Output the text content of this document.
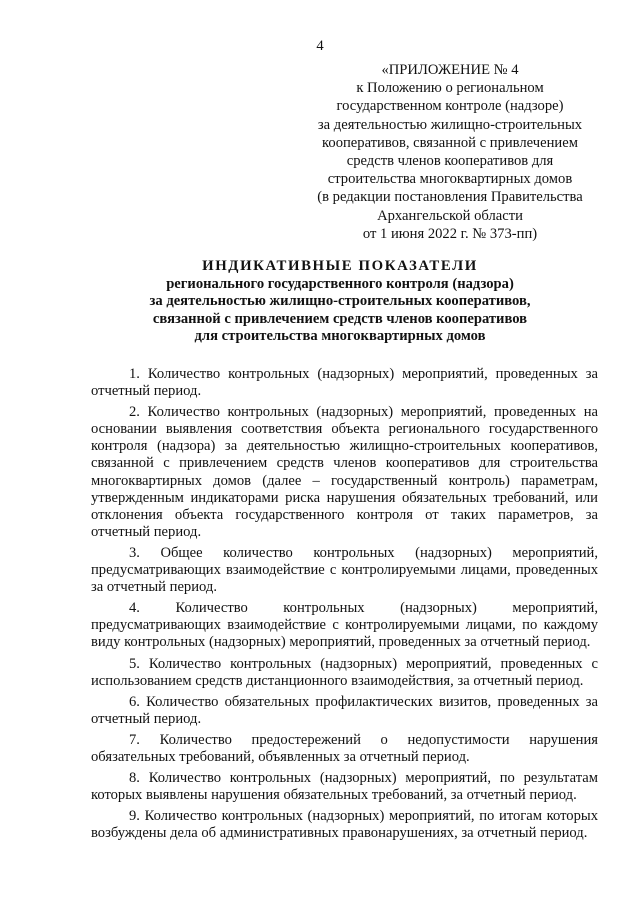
4
«ПРИЛОЖЕНИЕ № 4
к Положению о региональном
государственном контроле (надзоре)
за деятельностью жилищно-строительных
кооперативов, связанной с привлечением
средств членов кооперативов для
строительства многоквартирных домов
(в редакции постановления Правительства
Архангельской области
от 1 июня 2022 г. № 373-пп)
ИНДИКАТИВНЫЕ ПОКАЗАТЕЛИ
регионального государственного контроля (надзора)
за деятельностью жилищно-строительных кооперативов,
связанной с привлечением средств членов кооперативов
для строительства многоквартирных домов

1. Количество контрольных (надзорных) мероприятий, проведенных за отчетный период.

2. Количество контрольных (надзорных) мероприятий, проведенных на основании выявления соответствия объекта регионального государственного контроля (надзора) за деятельностью жилищно-строительных кооперативов, связанной с привлечением средств членов кооперативов для строительства многоквартирных домов (далее – государственный контроль) параметрам, утвержденным индикаторами риска нарушения обязательных требований, или отклонения объекта государственного контроля от таких параметров, за отчетный период.

3. Общее количество контрольных (надзорных) мероприятий, предусматривающих взаимодействие с контролируемыми лицами, проведенных за отчетный период.

4. Количество контрольных (надзорных) мероприятий, предусматривающих взаимодействие с контролируемыми лицами, по каждому виду контрольных (надзорных) мероприятий, проведенных за отчетный период.

5. Количество контрольных (надзорных) мероприятий, проведенных с использованием средств дистанционного взаимодействия, за отчетный период.

6. Количество обязательных профилактических визитов, проведенных за отчетный период.

7. Количество предостережений о недопустимости нарушения обязательных требований, объявленных за отчетный период.

8. Количество контрольных (надзорных) мероприятий, по результатам которых выявлены нарушения обязательных требований, за отчетный период.

9. Количество контрольных (надзорных) мероприятий, по итогам которых возбуждены дела об административных правонарушениях, за отчетный период.
